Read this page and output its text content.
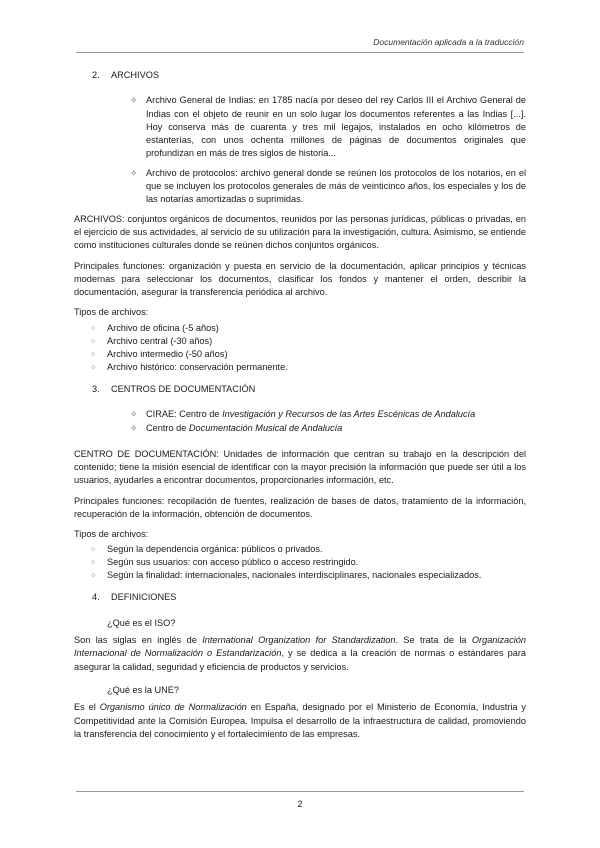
Documentación aplicada a la traducción
2.	ARCHIVOS
✧ Archivo General de Indias: en 1785 nacía por deseo del rey Carlos III el Archivo General de Indias con el objeto de reunir en un solo lugar los documentos referentes a las Indias [...]. Hoy conserva más de cuarenta y tres mil legajos, instalados en ocho kilómetros de estanterías, con unos ochenta millones de páginas de documentos originales que profundizan en más de tres siglos de historia...
✧ Archivo de protocolos: archivo general donde se reúnen los protocolos de los notarios, en el que se incluyen los protocolos generales de más de veinticinco años, los especiales y los de las notarías amortizadas o suprimidas.

ARCHIVOS: conjuntos orgánicos de documentos, reunidos por las personas jurídicas, públicas o privadas, en el ejercicio de sus actividades, al servicio de su utilización para la investigación, cultura. Asimismo, se entiende como instituciones culturales donde se reúnen dichos conjuntos orgánicos.

Principales funciones: organización y puesta en servicio de la documentación, aplicar principios y técnicas modernas para seleccionar los documentos, clasificar los fondos y mantener el orden, describir la documentación, asegurar la transferencia periódica al archivo.

Tipos de archivos:
○ Archivo de oficina (-5 años)
○ Archivo central (-30 años)
○ Archivo intermedio (-50 años)
○ Archivo histórico: conservación permanente.
3.	CENTROS DE DOCUMENTACIÓN
✧ CIRAE: Centro de Investigación y Recursos de las Artes Escénicas de Andalucía
✧ Centro de Documentación Musical de Andalucía

CENTRO DE DOCUMENTACIÓN: Unidades de información que centran su trabajo en la descripción del contenido; tiene la misión esencial de identificar con la mayor precisión la información que puede ser útil a los usuarios, ayudarles a encontrar documentos, proporcionarles información, etc.

Principales funciones: recopilación de fuentes, realización de bases de datos, tratamiento de la información, recuperación de la información, obtención de documentos.

Tipos de archivos:
○ Según la dependencia orgánica: públicos o privados.
○ Según sus usuarios: con acceso público o acceso restringido.
○ Según la finalidad: internacionales, nacionales interdisciplinares, nacionales especializados.
4.	DEFINICIONES
¿Qué es el ISO?

Son las siglas en inglés de International Organization for Standardization. Se trata de la Organización Internacional de Normalización o Estandarización, y se dedica a la creación de normas o estándares para asegurar la calidad, seguridad y eficiencia de productos y servicios.

¿Qué es la UNE?

Es el Organismo único de Normalización en España, designado por el Ministerio de Economía, Industria y Competitividad ante la Comisión Europea. Impulsa el desarrollo de la infraestructura de calidad, promoviendo la transferencia del conocimiento y el fortalecimiento de las empresas.

2
